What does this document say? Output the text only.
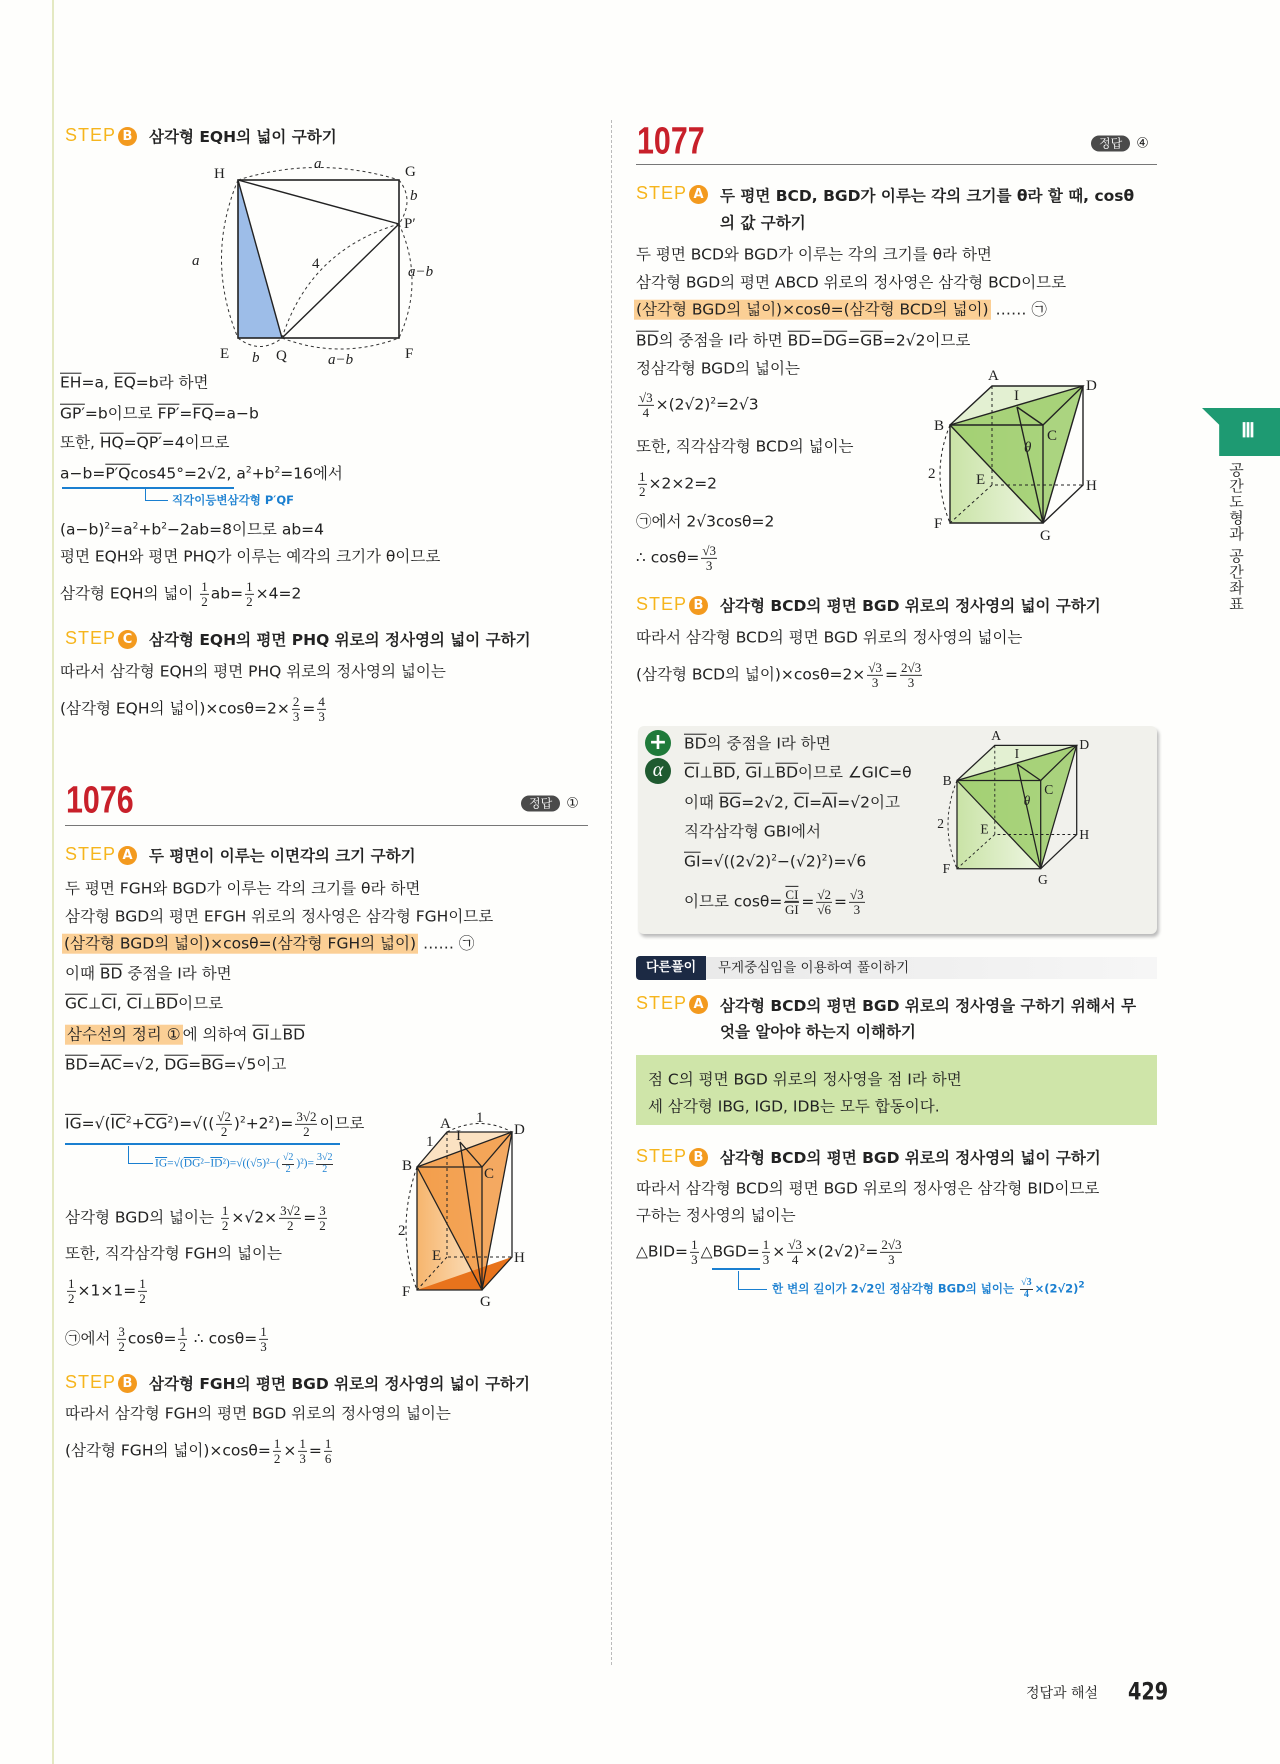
STEP B 삼각형 EQH의 넓이 구하기
H	G
E	F
Q
P′
a
a
b
b
a−b
a−b
4
$\overline{EH}=a$, $\overline{EQ}=b$라 하면
GP′=b이므로 $FP'=\overline{FQ}=a-b$
또한, $\overline{HQ}=QP'=4$이므로
a−b=P′Qcos45°=2√2, $a^2+b^2=16$에서
직각이등변삼각형 P′QF
$(a-b)^2=a^2+b^2-2ab=8$이므로 ab=4
평면 EQH와 평면 PHQ가 이루는 예각의 크기가 θ이므로
삼각형 EQH의 넓이 $\frac{1}{2} ab= \frac{1}{2} \times 4=2$
STEP C 삼각형 EQH의 평면 PHQ 위로의 정사영의 넓이 구하기
따라서 삼각형 EQH의 평면 PHQ 위로의 정사영의 넓이는
(삼각형 EQH의 넓이)$\times\cos\theta=2\times \frac{2}{3} = \frac{4}{3}$
1076	정답 ①
STEP A 두 평면이 이루는 이면각의 크기 구하기
두 평면 FGH와 BGD가 이루는 각의 크기를 θ라 하면
삼각형 BGD의 평면 EFGH 위로의 정사영은 삼각형 FGH이므로
(삼각형 BGD의 넓이)×cosθ=(삼각형 FGH의 넓이) …… ㉠
이때 $\overline{BD}$ 중점을 I라 하면
$\overline{GC}\perp\overline{CI}$, $\overline{CI}\perp\overline{BD}$이므로
삼수선의 정리 ① 에 의하여 $\overline{GI}\perp\overline{BD}$
$\overline{BD}=\overline{AC}=√2$, $\overline{DG}=\overline{BG}=√5$이고
$\overline{IG}=√(\overline{IC}^2+\overline{CG}^2)=√(( \frac{√2}{2} )^2+2^2)= \frac{3√2}{2}$ 이므로
$\overline{IG}=√(\overline{DG}^2-\overline{ID}^2)=√((√5)^2-( \frac{√2}{2} )^2)= \frac{3√2}{2}$
삼각형 BGD의 넓이는 $\frac{1}{2} \times√2\times \frac{3√2}{2} = \frac{3}{2}$
또한, 직각삼각형 FGH의 넓이는
$\frac{1}{2} \times 1\times 1= \frac{1}{2}$
㉠에서 $\frac{3}{2} \cos\theta= \frac{1}{2}$ ∴ $\cos\theta= \frac{1}{3}$
A
B	C
D
E
F
G
H
I
1
1
2
STEP B 삼각형 FGH의 평면 BGD 위로의 정사영의 넓이 구하기
따라서 삼각형 FGH의 평면 BGD 위로의 정사영의 넓이는
(삼각형 FGH의 넓이)$\times\cos\theta= \frac{1}{2} \times \frac{1}{3} = \frac{1}{6}$
1077	정답 ④
STEP A	두 평면 BCD, BGD가 이루는 각의 크기를 θ라 할 때, cosθ의 값 구하기
두 평면 BCD와 BGD가 이루는 각의 크기를 θ라 하면
삼각형 BGD의 평면 ABCD 위로의 정사영은 삼각형 BCD이므로
(삼각형 BGD의 넓이)×cosθ=(삼각형 BCD의 넓이) …… ㉠
$\overline{BD}$의 중점을 I라 하면 $\overline{BD}=\overline{DG}=\overline{GB}=2√2$이므로
정삼각형 BGD의 넓이는
$\frac{√3}{4} \times(2√2)^2=2√3$
또한, 직각삼각형 BCD의 넓이는
$\frac{1}{2} \times 2\times 2=2$
㉠에서 2√3cosθ=2
∴ $\cos\theta= \frac{√3}{3}$
A
B
C
D
E
F
G
H
I
θ
2
STEP B 삼각형 BCD의 평면 BGD 위로의 정사영의 넓이 구하기
따라서 삼각형 BCD의 평면 BGD 위로의 정사영의 넓이는
(삼각형 BCD의 넓이)$\times\cos\theta=2\times \frac{√3}{3} = \frac{2√3}{3}$
+
α
$\overline{BD}$의 중점을 I라 하면
$\overline{CI}\perp\overline{BD}$, $\overline{GI}\perp\overline{BD}$이므로 ∠GIC=θ
이때 $\overline{BG}=2√2$, $\overline{CI}=\overline{AI}=√2$이고
직각삼각형 GBI에서
$\overline{GI}=√((2√2)^2-(√2)^2)=√6$
이므로 $\cos\theta= \frac{\overline{CI}}{GI} = \frac{√2}{√6} = \frac{√3}{3}$
A
B
C
D
E
F
G
H
I
θ
2
다른풀이	무게중심임을 이용하여 풀이하기
STEP A	삼각형 BCD의 평면 BGD 위로의 정사영을 구하기 위해서 무엇을 알아야 하는지 이해하기
점 C의 평면 BGD 위로의 정사영을 점 I라 하면
세 삼각형 IBG, IGD, IDB는 모두 합동이다.
STEP B 삼각형 BCD의 평면 BGD 위로의 정사영의 넓이 구하기
따라서 삼각형 BCD의 평면 BGD 위로의 정사영은 삼각형 BID이므로
구하는 정사영의 넓이는
△BID= $\frac{1}{3}$ △BGD= $\frac{1}{3} \times \frac{√3}{4} \times(2√2)^2= \frac{2√3}{3}$
한 변의 길이가 2√2인 정삼각형 BGD의 넓이는 $\frac{√3}{4} \times(2√2)^2$
Ⅲ
공간도형과 공간좌표
정답과 해설 429
